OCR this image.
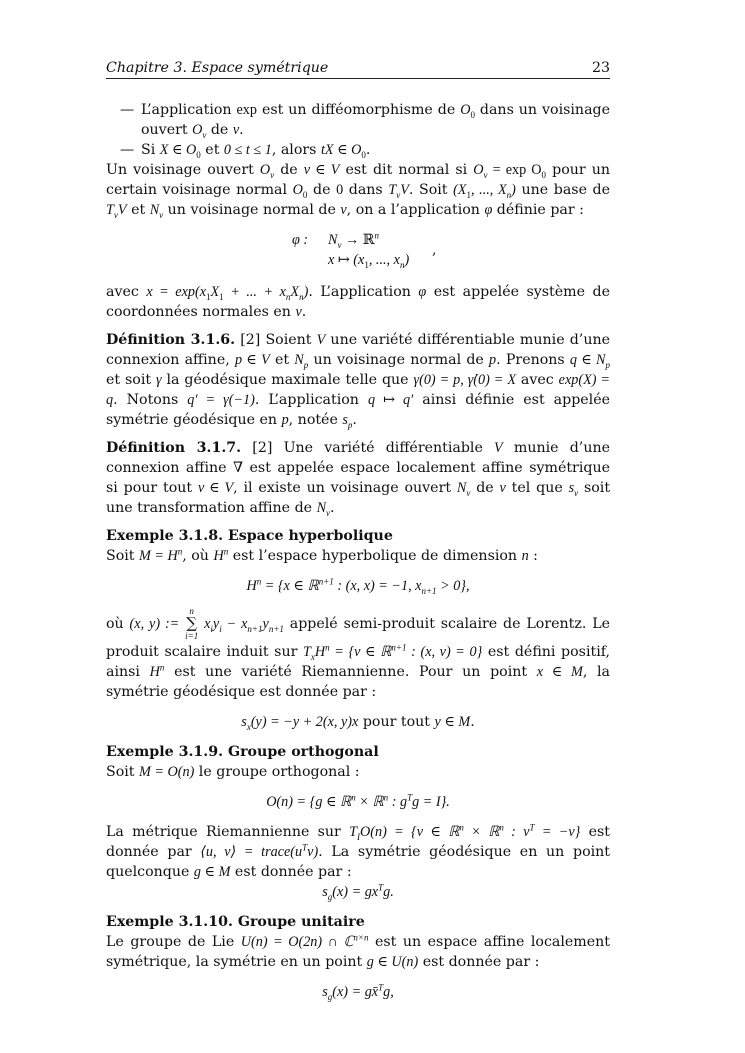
Chapitre 3. Espace symétrique	23

— L’application exp est un difféomorphisme de $O_0$ dans un voisinage ouvert $O_v$ de v.

— Si X ∈ $O_0$ et 0 ≤ t ≤ 1, alors tX ∈ $O_0$.

Un voisinage ouvert $O_v$ de v ∈ V est dit normal si $O_v = \exp O_0$ pour un certain voisinage normal $O_0$ de 0 dans $T_vV$. Soit ($X_1$, ..., $X_n$) une base de $T_vV$ et $N_v$ un voisinage normal de v, on a l’application φ définie par :

φ : $N_v$ → ℝ$^n$
x ↦ ($x_1$, ..., $x_n$)
,

avec $x = \exp(x_1X_1$ + ... + $x_nX_n$). L’application φ est appelée système de coordonnées normales en v.

Définition 3.1.6. [2] Soient V une variété différentiable munie d’une connexion affine, p ∈ V et $N_p$ un voisinage normal de p. Prenons q ∈ $N_p$ et soit γ la géodésique maximale telle que γ(0) = p, γ̇(0) = X avec exp(X) = q. Notons q′ = γ(−1). L’application q ↦ q′ ainsi définie est appelée symétrie géodésique en p, notée $s_p$.

Définition 3.1.7. [2] Une variété différentiable V munie d’une connexion affine ∇ est appelée espace localement affine symétrique si pour tout v ∈ V, il existe un voisinage ouvert $N_v$ de v tel que $s_v$ soit une transformation affine de $N_v$.

Exemple 3.1.8. Espace hyperbolique

Soit $M = H^n$, où $H^n$ est l’espace hyperbolique de dimension n :

$H^n = \{x$ ∈ ℝ$^{n+1}$ : (x, x) = −1, $x_{n+1} > 0$},

où (x, y) := n
∑
i=1 $x_iy_i - x_{n+1}y_{n+1}$ appelé semi-produit scalaire de Lorentz. Le produit scalaire induit sur $T_xH^n = \{v$ ∈ ℝ$^{n+1}$ : (x, v) = 0} est défini positif, ainsi $H^n$ est une variété Riemannienne. Pour un point x ∈ M, la symétrie géodésique est donnée par :

$s_x(y) = -y + 2(x$, y)x pour tout y ∈ M.

Exemple 3.1.9. Groupe orthogonal

Soit M = O(n) le groupe orthogonal :

O(n) = {g ∈ ℝ$^n$ × ℝ$^n$ : $g^Tg = I$}.

La métrique Riemannienne sur $T_IO(n) = \{v$ ∈ ℝ$^n$ × ℝ$^n$ : $v^T = -v$} est donnée par ⟨u, v⟩ = $trace(u^Tv)$. La symétrie géodésique en un point quelconque g ∈ M est donnée par :

$s_g(x) = gx^Tg$.

Exemple 3.1.10. Groupe unitaire

Le groupe de Lie U(n) = O(2n) ∩ ℂ$^{n\times n}$ est un espace affine localement symétrique, la symétrie en un point g ∈ U(n) est donnée par :

$s_g(x)$ = gx̄$^T$g,
